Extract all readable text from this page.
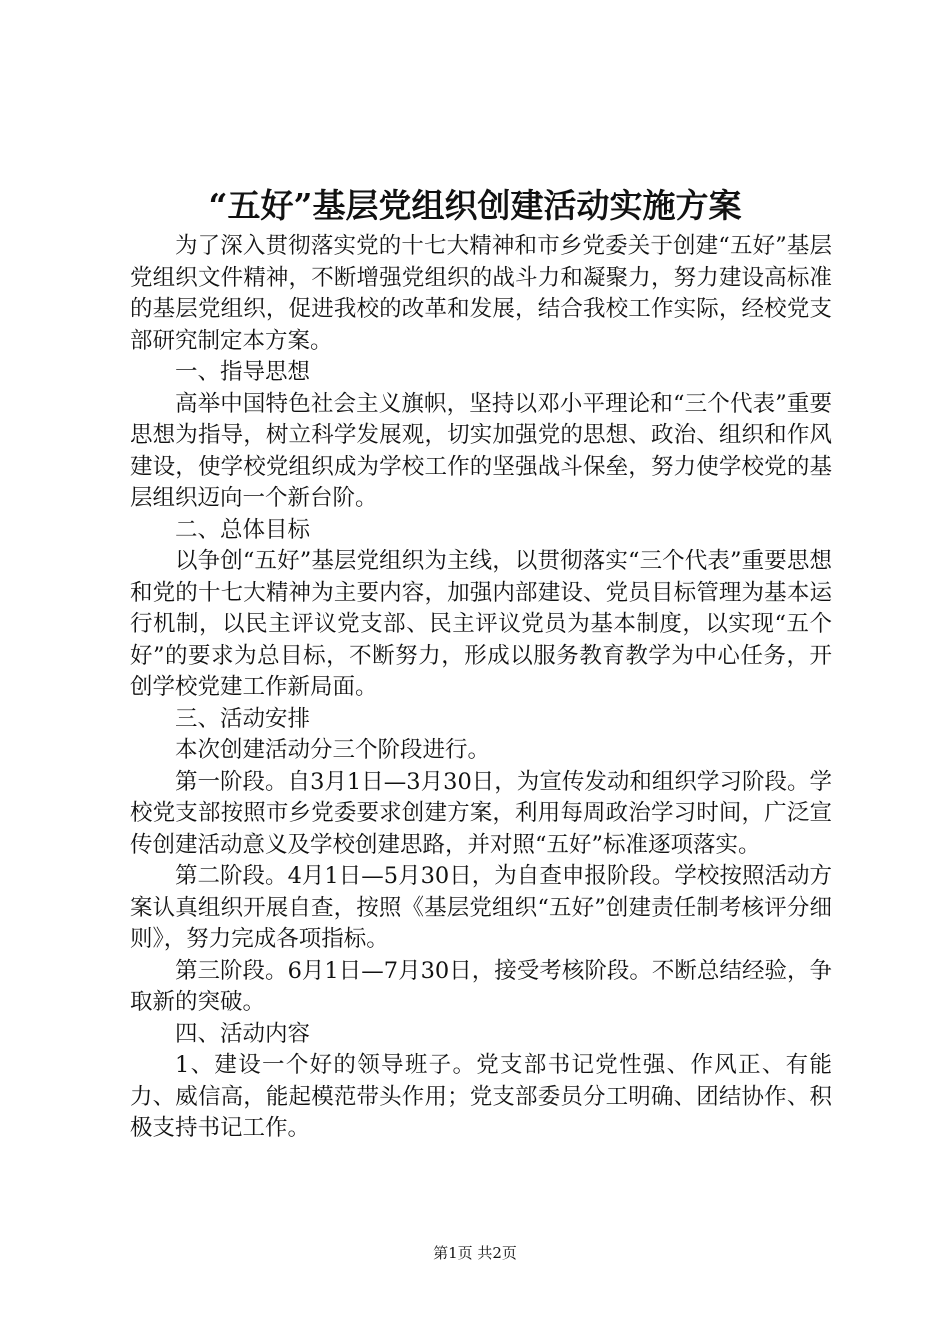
“五好”基层党组织创建活动实施方案

为了深入贯彻落实党的十七大精神和市乡党委关于创建“五好”基层党组织文件精神，不断增强党组织的战斗力和凝聚力，努力建设高标准的基层党组织，促进我校的改革和发展，结合我校工作实际，经校党支部研究制定本方案。

一、指导思想

高举中国特色社会主义旗帜，坚持以邓小平理论和“三个代表”重要思想为指导，树立科学发展观，切实加强党的思想、政治、组织和作风建设，使学校党组织成为学校工作的坚强战斗保垒，努力使学校党的基层组织迈向一个新台阶。

二、总体目标

以争创“五好”基层党组织为主线，以贯彻落实“三个代表”重要思想和党的十七大精神为主要内容，加强内部建设、党员目标管理为基本运行机制，以民主评议党支部、民主评议党员为基本制度，以实现“五个好”的要求为总目标，不断努力，形成以服务教育教学为中心任务，开创学校党建工作新局面。

三、活动安排

本次创建活动分三个阶段进行。

第一阶段。自3月1日—3月30日，为宣传发动和组织学习阶段。学校党支部按照市乡党委要求创建方案，利用每周政治学习时间，广泛宣传创建活动意义及学校创建思路，并对照“五好”标准逐项落实。

第二阶段。4月1日—5月30日，为自查申报阶段。学校按照活动方案认真组织开展自查，按照《基层党组织“五好”创建责任制考核评分细则》，努力完成各项指标。

第三阶段。6月1日—7月30日，接受考核阶段。不断总结经验，争取新的突破。

四、活动内容

1、建设一个好的领导班子。党支部书记党性强、作风正、有能力、威信高，能起模范带头作用；党支部委员分工明确、团结协作、积极支持书记工作。

第1页 共2页
